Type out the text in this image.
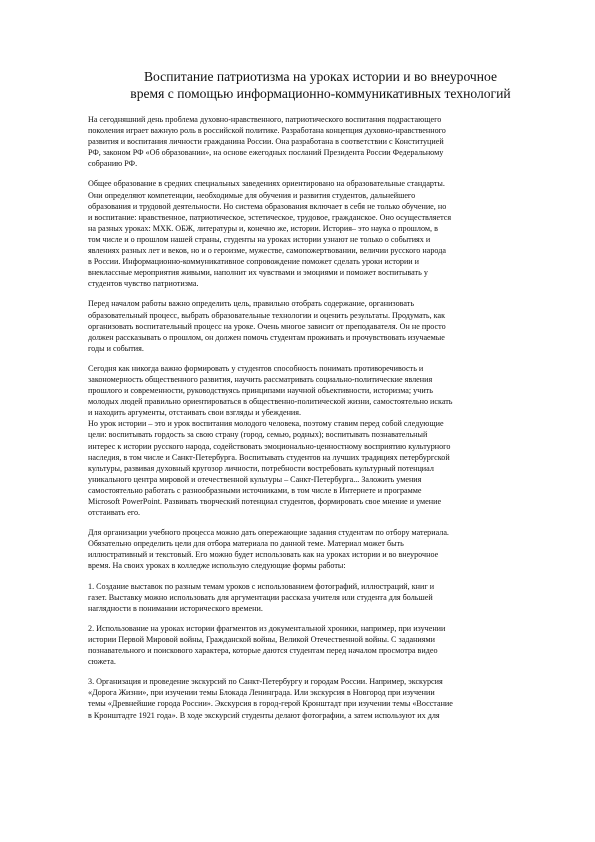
Воспитание патриотизма на уроках истории и во внеурочное
время с помощью информационно-коммуникативных технологий

На сегодняшний день проблема духовно-нравственного, патриотического воспитания подрастающего
поколения играет важную роль в российской политике. Разработана концепция духовно-нравственного
развития и воспитания личности гражданина России. Она разработана в соответствии с Конституцией
РФ, законом РФ «Об образовании», на основе ежегодных посланий Президента России Федеральному
собранию РФ.

Общее образование в средних специальных заведениях ориентировано на образовательные стандарты.
Они определяют компетенции, необходимые для обучения и развития студентов, дальнейшего
образования и трудовой деятельности. Но система образования включает в себя не только обучение, но
и воспитание: нравственное, патриотическое, эстетическое, трудовое, гражданское. Оно осуществляется
на разных уроках: МХК. ОБЖ, литературы и, конечно же, истории. История– это наука о прошлом, в
том числе и о прошлом нашей страны, студенты на уроках истории узнают не только о событиях и
явлениях разных лет и веков, но и о героизме, мужестве, самопожертвовании, величии русского народа
в России. Информационно-коммуникативное сопровождение поможет сделать уроки истории и
внеклассные мероприятия живыми, наполнит их чувствами и эмоциями и поможет воспитывать у
студентов чувство патриотизма.

Перед началом работы важно определить цель, правильно отобрать содержание, организовать
образовательный процесс, выбрать образовательные технологии и оценить результаты. Продумать, как
организовать воспитательный процесс на уроке. Очень многое зависит от преподавателя. Он не просто
должен рассказывать о прошлом, он должен помочь студентам проживать и прочувствовать изучаемые
годы и события.

Сегодня как никогда важно формировать у студентов способность понимать противоречивость и
закономерность общественного развития, научить рассматривать социально-политические явления
прошлого и современности, руководствуясь принципами научной объективности, историзма; учить
молодых людей правильно ориентироваться в общественно-политической жизни, самостоятельно искать
и находить аргументы, отстаивать свои взгляды и убеждения.

Но урок истории – это и урок воспитания молодого человека, поэтому ставим перед собой следующие
цели: воспитывать гордость за свою страну (город, семью, родных); воспитывать познавательный
интерес к истории русского народа, содействовать эмоционально-ценностному восприятию культурного
наследия, в том числе и Санкт-Петербурга. Воспитывать студентов на лучших традициях петербургской
культуры, развивая духовный кругозор личности, потребности востребовать культурный потенциал
уникального центра мировой и отечественной культуры – Санкт-Петербурга... Заложить умения
самостоятельно работать с разнообразными источниками, в том числе в Интернете и программе
Microsoft PowerPoint. Развивать творческий потенциал студентов, формировать свое мнение и умение
отстаивать его.

Для организации учебного процесса можно дать опережающие задания студентам по отбору материала.
Обязательно определить цели для отбора материала по данной теме. Материал может быть
иллюстративный и текстовый. Его можно будет использовать как на уроках истории и во внеурочное
время. На своих уроках в колледже использую следующие формы работы:

1. Создание выставок по разным темам уроков с использованием фотографий, иллюстраций, книг и
газет. Выставку можно использовать для аргументации рассказа учителя или студента для большей
наглядности в понимании исторического времени.

2. Использование на уроках истории фрагментов из документальной хроники, например, при изучении
истории Первой Мировой войны, Гражданской войны, Великой Отечественной войны. С заданиями
познавательного и поискового характера, которые даются студентам перед началом просмотра видео
сюжета.

3. Организация и проведение экскурсий по Санкт-Петербургу и городам России. Например, экскурсия
«Дорога Жизни», при изучении темы Блокада Ленинграда. Или экскурсия в Новгород при изучении
темы «Древнейшие города России». Экскурсия в город-герой Кронштадт при изучении темы «Восстание
в Кронштадте 1921 года». В ходе экскурсий студенты делают фотографии, а затем используют их для
